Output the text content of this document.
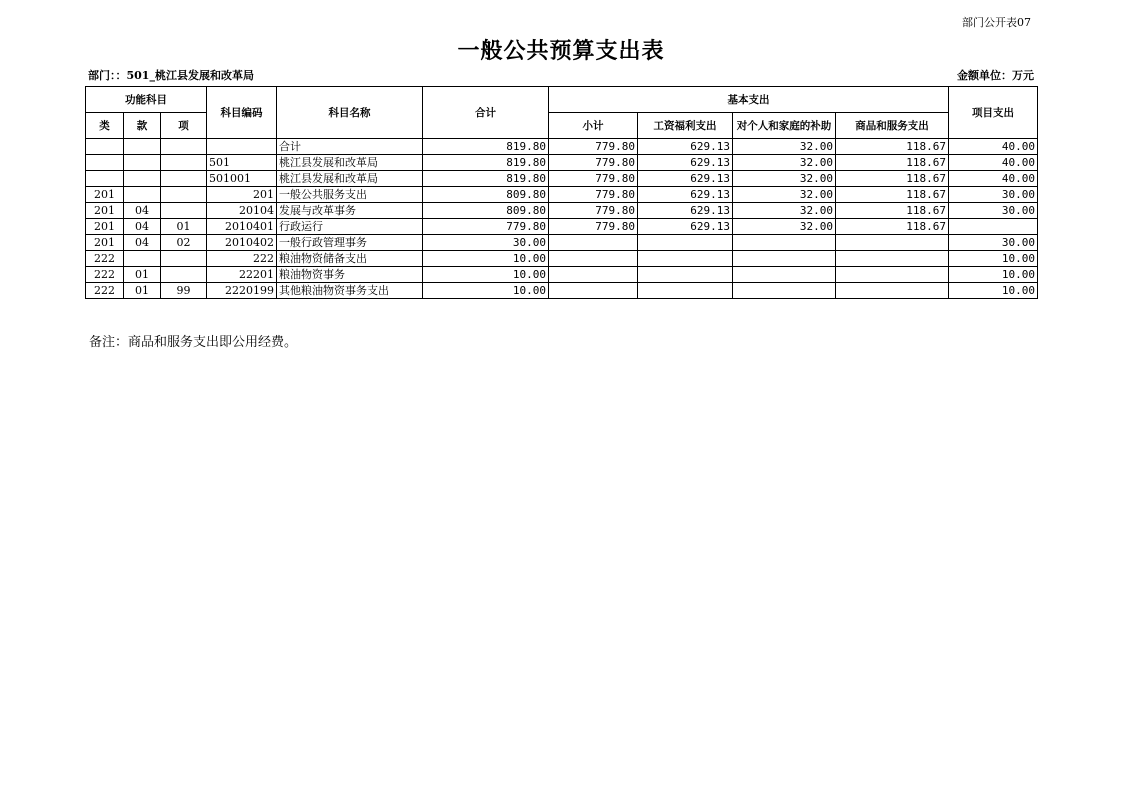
部门公开表07
一般公共预算支出表
部门：：501_桃江县发展和改革局	金额单位：万元
功能科目			科目编码	科目名称	合计	基本支出				项目支出
						小计	工资福利支出	对个人和家庭的补助	商品和服务支出	
类	款	项								
				合计	819.80	779.80	629.13	32.00	118.67	40.00
			501	桃江县发展和改革局	819.80	779.80	629.13	32.00	118.67	40.00
			501001	桃江县发展和改革局	819.80	779.80	629.13	32.00	118.67	40.00
201			201	一般公共服务支出	809.80	779.80	629.13	32.00	118.67	30.00
201	04		20104	发展与改革事务	809.80	779.80	629.13	32.00	118.67	30.00
201	04	01	2010401	行政运行	779.80	779.80	629.13	32.00	118.67	
201	04	02	2010402	一般行政管理事务	30.00					30.00
222			222	粮油物资储备支出	10.00					10.00
222	01		22201	粮油物资事务	10.00					10.00
222	01	99	2220199	其他粮油物资事务支出	10.00					10.00
备注：商品和服务支出即公用经费。
